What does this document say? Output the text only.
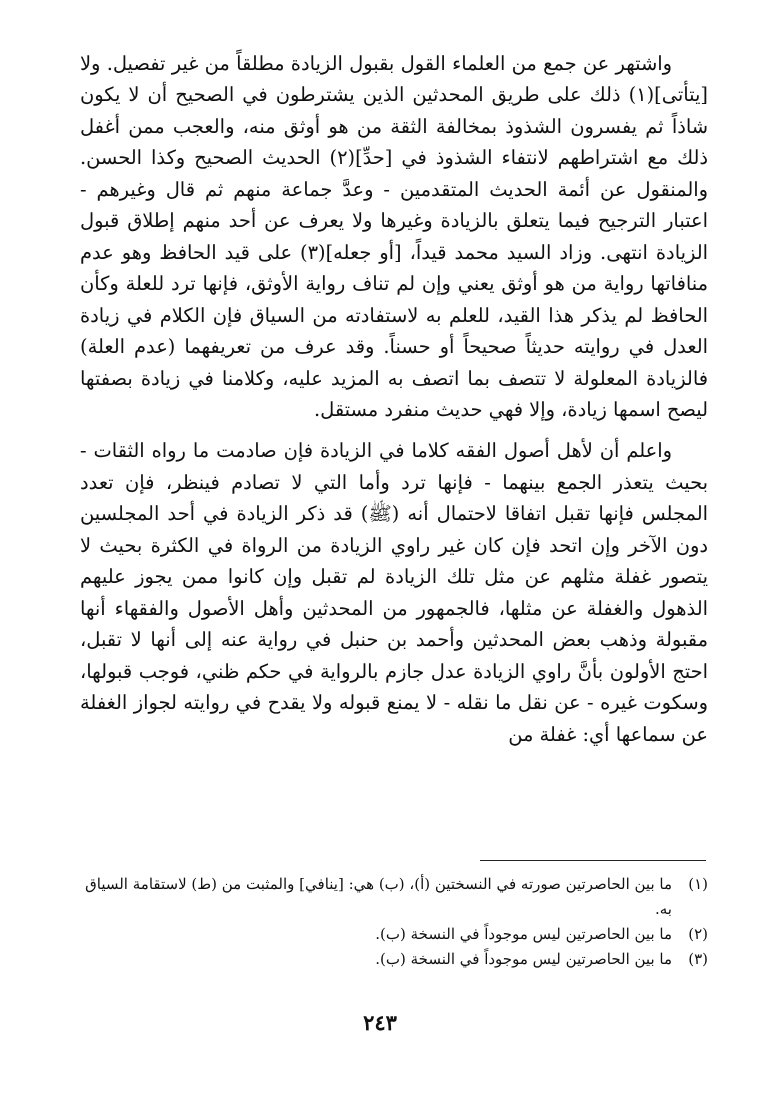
واشتهر عن جمع من العلماء القول بقبول الزيادة مطلقاً من غير تفصيل. ولا [يتأتى](١) ذلك على طريق المحدثين الذين يشترطون في الصحيح أن لا يكون شاذاً ثم يفسرون الشذوذ بمخالفة الثقة من هو أوثق منه، والعجب ممن أغفل ذلك مع اشتراطهم لانتفاء الشذوذ في [حدِّ](٢) الحديث الصحيح وكذا الحسن. والمنقول عن أئمة الحديث المتقدمين - وعدَّ جماعة منهم ثم قال وغيرهم - اعتبار الترجيح فيما يتعلق بالزيادة وغيرها ولا يعرف عن أحد منهم إطلاق قبول الزيادة انتهى. وزاد السيد محمد قيداً، [أو جعله](٣) على قيد الحافظ وهو عدم منافاتها رواية من هو أوثق يعني وإن لم تناف رواية الأوثق، فإنها ترد للعلة وكأن الحافظ لم يذكر هذا القيد، للعلم به لاستفادته من السياق فإن الكلام في زيادة العدل في روايته حديثاً صحيحاً أو حسناً. وقد عرف من تعريفهما (عدم العلة) فالزيادة المعلولة لا تتصف بما اتصف به المزيد عليه، وكلامنا في زيادة بصفتها ليصح اسمها زيادة، وإلا فهي حديث منفرد مستقل.

واعلم أن لأهل أصول الفقه كلاما في الزيادة فإن صادمت ما رواه الثقات - بحيث يتعذر الجمع بينهما - فإنها ترد وأما التي لا تصادم فينظر، فإن تعدد المجلس فإنها تقبل اتفاقا لاحتمال أنه (ﷺ) قد ذكر الزيادة في أحد المجلسين دون الآخر وإن اتحد فإن كان غير راوي الزيادة من الرواة في الكثرة بحيث لا يتصور غفلة مثلهم عن مثل تلك الزيادة لم تقبل وإن كانوا ممن يجوز عليهم الذهول والغفلة عن مثلها، فالجمهور من المحدثين وأهل الأصول والفقهاء أنها مقبولة وذهب بعض المحدثين وأحمد بن حنبل في رواية عنه إلى أنها لا تقبل، احتج الأولون بأنَّ راوي الزيادة عدل جازم بالرواية في حكم ظني، فوجب قبولها، وسكوت غيره - عن نقل ما نقله - لا يمنع قبوله ولا يقدح في روايته لجواز الغفلة عن سماعها أي: غفلة من

(١)
ما بين الحاصرتين صورته في النسختين (أ)، (ب) هي: [ينافي] والمثبت من (ط) لاستقامة السياق به.

(٢)
ما بين الحاصرتين ليس موجوداً في النسخة (ب).

(٣)
ما بين الحاصرتين ليس موجوداً في النسخة (ب).

٢٤٣
